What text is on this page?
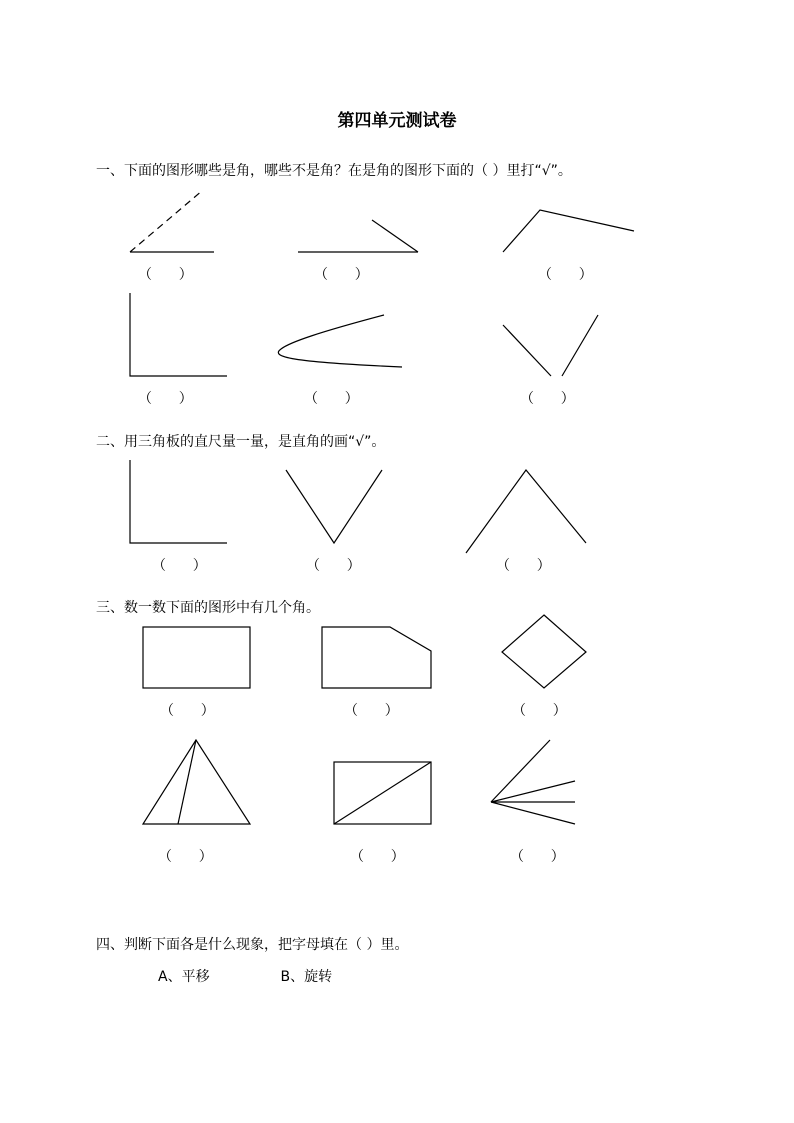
第四单元测试卷
一、下面的图形哪些是角，哪些不是角？在是角的图形下面的（ ）里打“√”。
二、用三角板的直尺量一量，是直角的画“√”。
三、数一数下面的图形中有几个角。
四、判断下面各是什么现象，把字母填在（ ）里。
（      ）	（      ）	（      ）
（      ）	（      ）	（      ）
（      ）	（      ）	（      ）
（      ）	（      ）	（      ）
（      ）	（      ）	（      ）
A、平移	B、旋转
